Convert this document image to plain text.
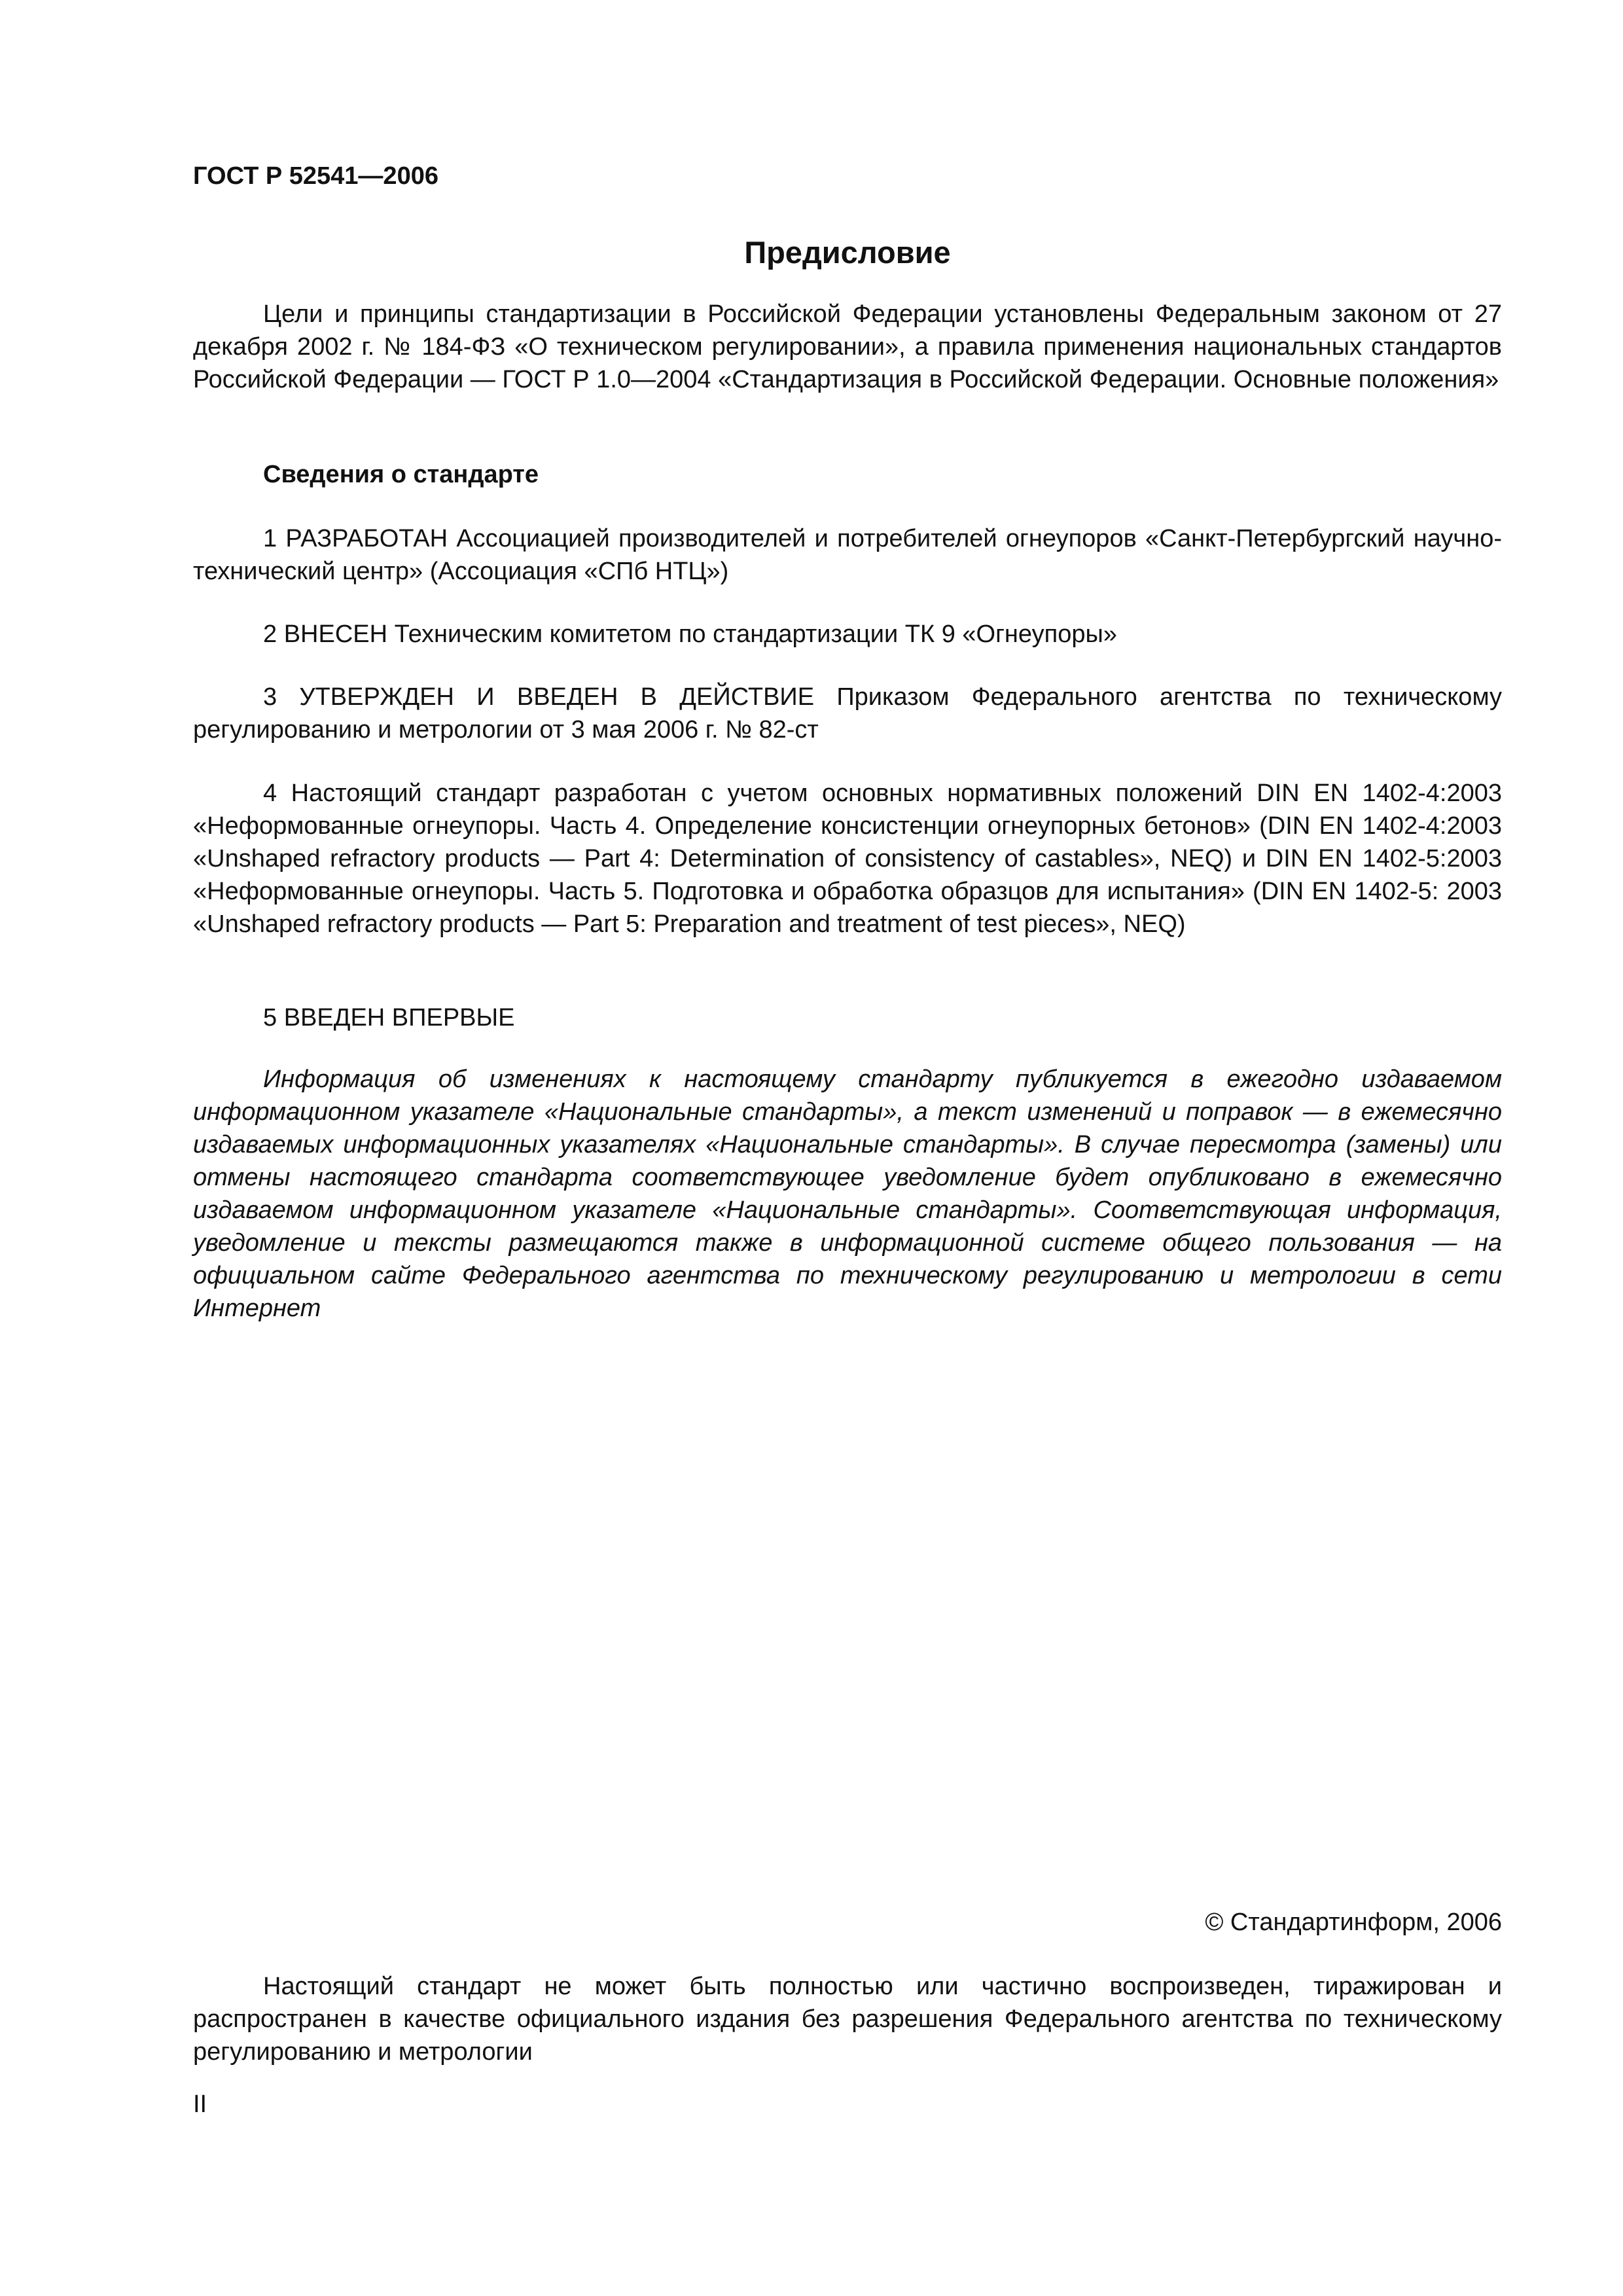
ГОСТ Р 52541—2006

Предисловие

Цели и принципы стандартизации в Российской Федерации установлены Федеральным законом от 27 декабря 2002 г. № 184-ФЗ «О техническом регулировании», а правила применения национальных стандартов Российской Федерации — ГОСТ Р 1.0—2004 «Стандартизация в Российской Федерации. Основные положения»

Сведения о стандарте

1 РАЗРАБОТАН Ассоциацией производителей и потребителей огнеупоров «Санкт-Петербургский научно-технический центр» (Ассоциация «СПб НТЦ»)

2 ВНЕСЕН Техническим комитетом по стандартизации ТК 9 «Огнеупоры»

3 УТВЕРЖДЕН И ВВЕДЕН В ДЕЙСТВИЕ Приказом Федерального агентства по техническому регулированию и метрологии от 3 мая 2006 г. № 82-ст

4 Настоящий стандарт разработан с учетом основных нормативных положений DIN EN 1402-4:2003 «Неформованные огнеупоры. Часть 4. Определение консистенции огнеупорных бетонов» (DIN EN 1402-4:2003 «Unshaped refractory products — Part 4: Determination of consistency of castables», NEQ) и DIN EN 1402-5:2003 «Неформованные огнеупоры. Часть 5. Подготовка и обработка образцов для испытания» (DIN EN 1402-5: 2003 «Unshaped refractory products — Part 5: Preparation and treatment of test pieces», NEQ)

5 ВВЕДЕН ВПЕРВЫЕ

Информация об изменениях к настоящему стандарту публикуется в ежегодно издаваемом информационном указателе «Национальные стандарты», а текст изменений и поправок — в ежемесячно издаваемых информационных указателях «Национальные стандарты». В случае пересмотра (замены) или отмены настоящего стандарта соответствующее уведомление будет опубликовано в ежемесячно издаваемом информационном указателе «Национальные стандарты». Соответствующая информация, уведомление и тексты размещаются также в информационной системе общего пользования — на официальном сайте Федерального агентства по техническому регулированию и метрологии в сети Интернет

© Стандартинформ, 2006

Настоящий стандарт не может быть полностью или частично воспроизведен, тиражирован и распространен в качестве официального издания без разрешения Федерального агентства по техническому регулированию и метрологии

II
